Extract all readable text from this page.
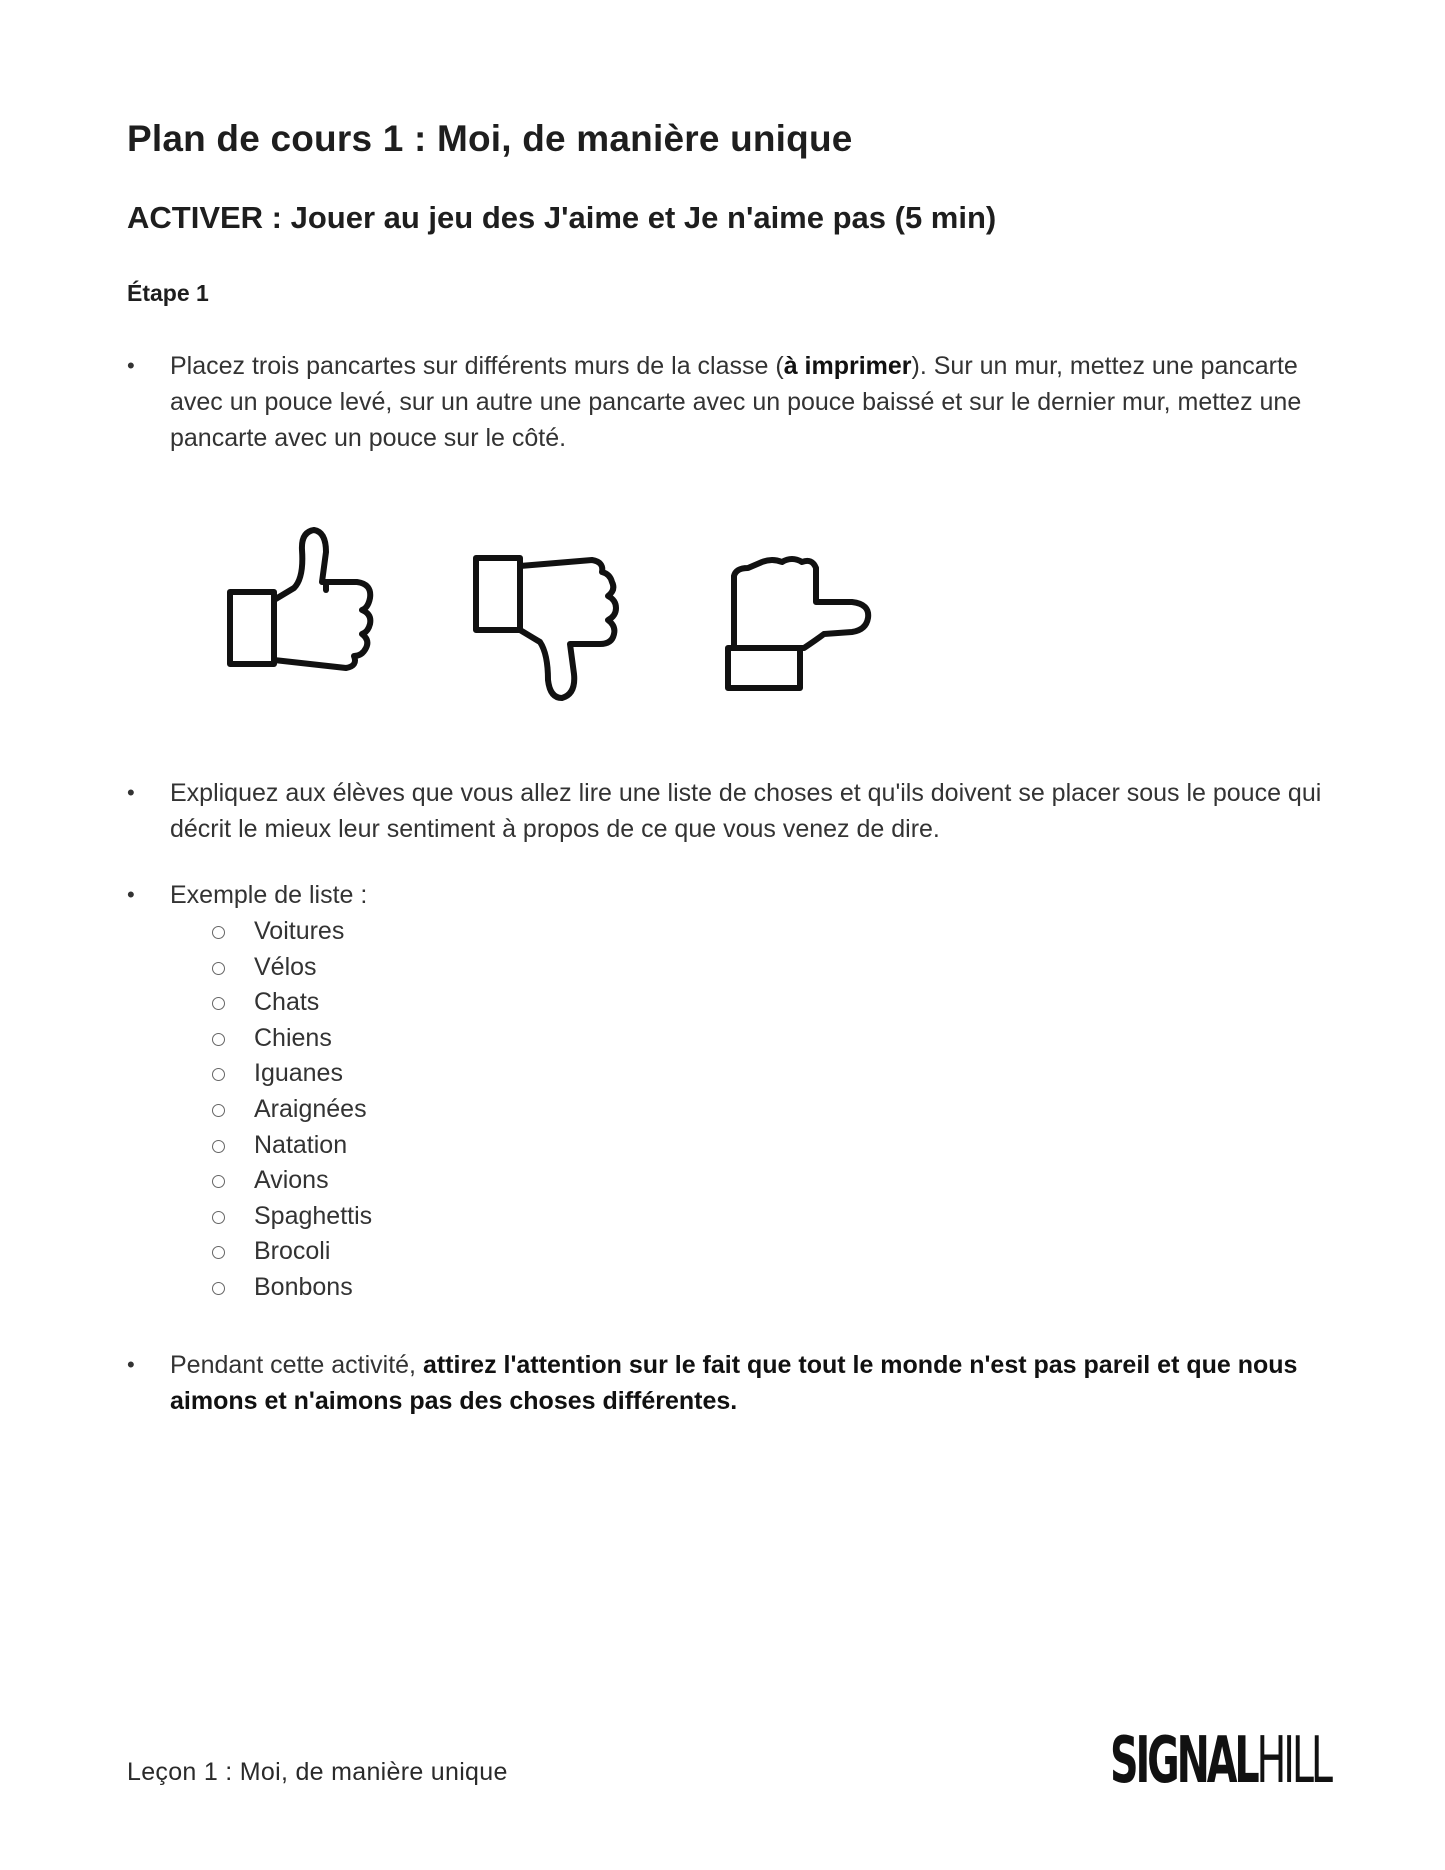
Plan de cours 1 : Moi, de manière unique
ACTIVER : Jouer au jeu des J'aime et Je n'aime pas (5 min)
Étape 1
•	Placez trois pancartes sur différents murs de la classe (à imprimer). Sur un mur, mettez une pancarte avec un pouce levé, sur un autre une pancarte avec un pouce baissé et sur le dernier mur, mettez une pancarte avec un pouce sur le côté.
•	Expliquez aux élèves que vous allez lire une liste de choses et qu'ils doivent se placer sous le pouce qui décrit le mieux leur sentiment à propos de ce que vous venez de dire.
•	Exemple de liste :
Voitures
Vélos
Chats
Chiens
Iguanes
Araignées
Natation
Avions
Spaghettis
Brocoli
Bonbons
•	Pendant cette activité, attirez l'attention sur le fait que tout le monde n'est pas pareil et que nous aimons et n'aimons pas des choses différentes.
Leçon 1 : Moi, de manière unique	SIGNALHILL
